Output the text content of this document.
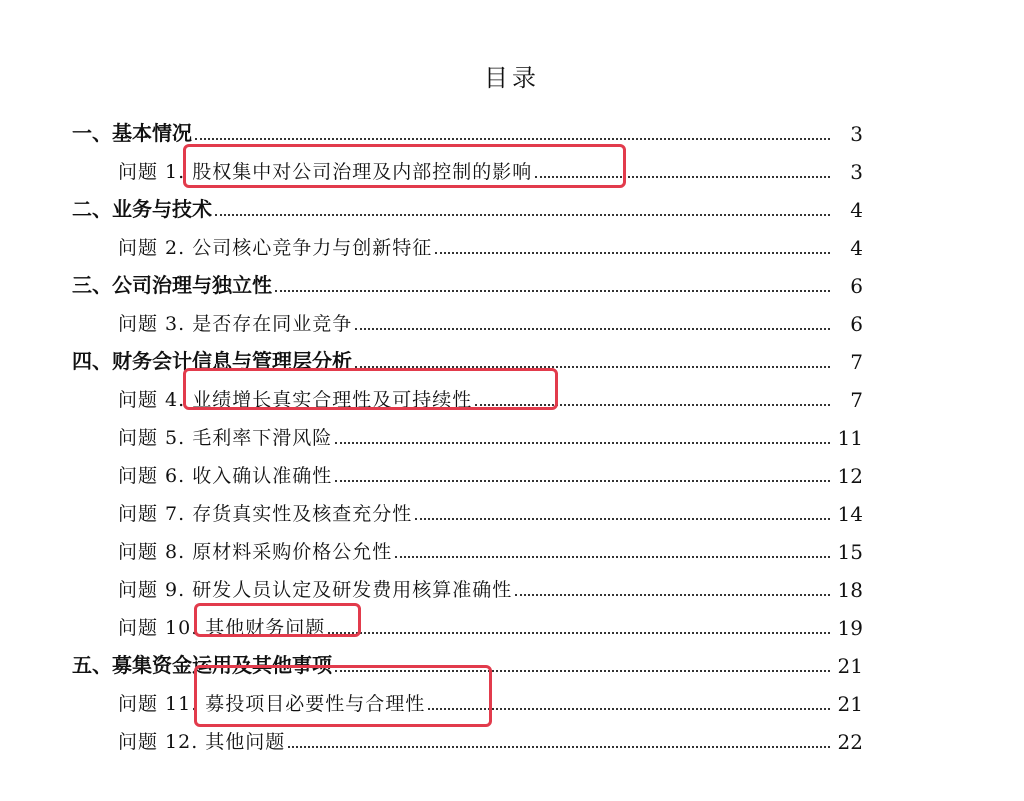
目录
一、基本情况	3
问题 1. 股权集中对公司治理及内部控制的影响	3
二、业务与技术	4
问题 2. 公司核心竞争力与创新特征	4
三、公司治理与独立性	6
问题 3. 是否存在同业竞争	6
四、财务会计信息与管理层分析	7
问题 4. 业绩增长真实合理性及可持续性	7
问题 5. 毛利率下滑风险	11
问题 6. 收入确认准确性	12
问题 7. 存货真实性及核查充分性	14
问题 8. 原材料采购价格公允性	15
问题 9. 研发人员认定及研发费用核算准确性	18
问题 10. 其他财务问题	19
五、募集资金运用及其他事项	21
问题 11. 募投项目必要性与合理性	21
问题 12. 其他问题	22
